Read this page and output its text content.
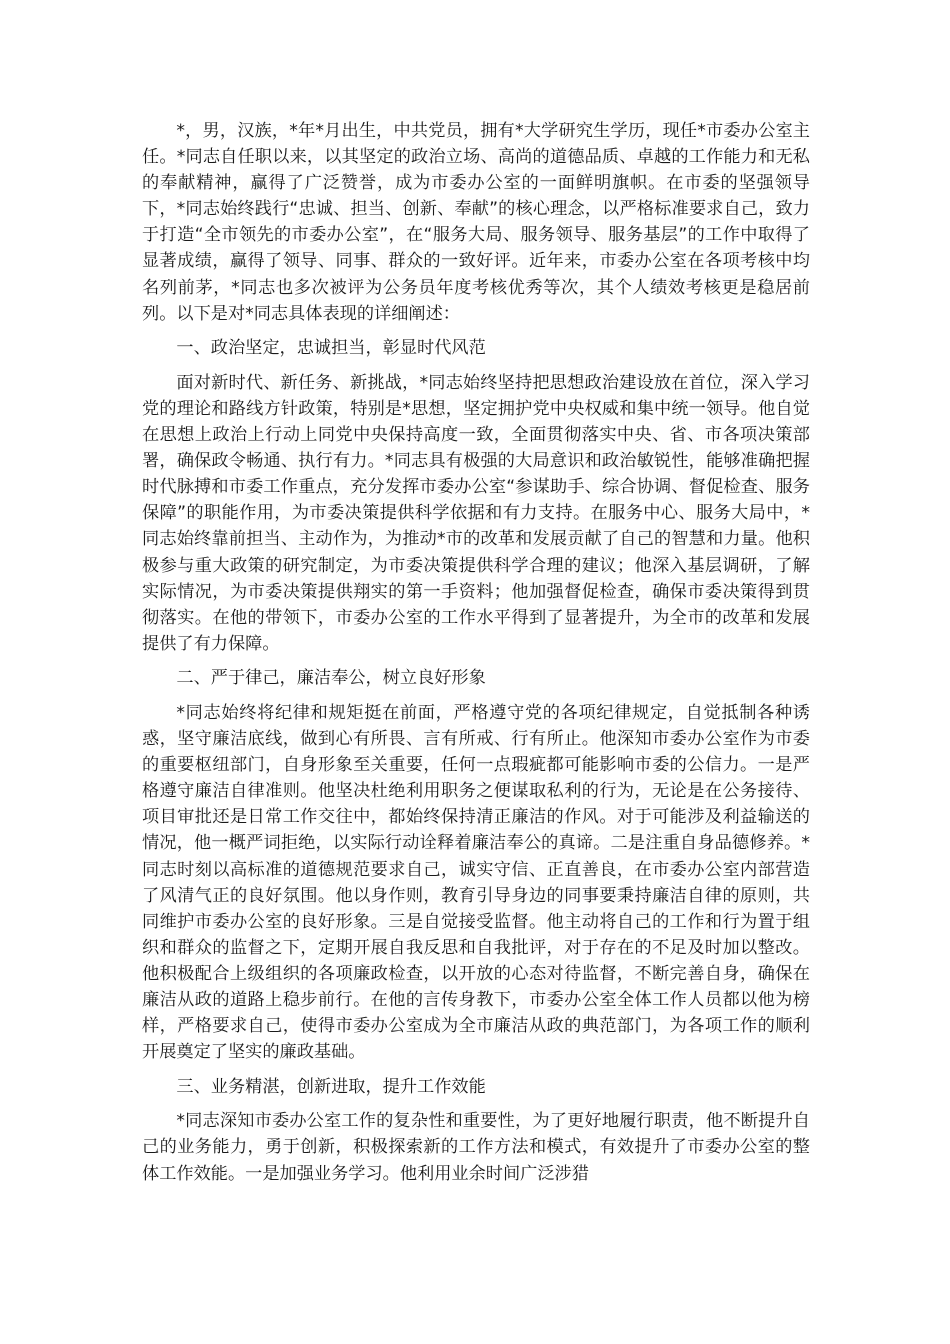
*，男，汉族，*年*月出生，中共党员，拥有*大学研究生学历，现任*市委办公室主任。*同志自任职以来，以其坚定的政治立场、高尚的道德品质、卓越的工作能力和无私的奉献精神，赢得了广泛赞誉，成为市委办公室的一面鲜明旗帜。在市委的坚强领导下，*同志始终践行“忠诚、担当、创新、奉献”的核心理念，以严格标准要求自己，致力于打造“全市领先的市委办公室”，在“服务大局、服务领导、服务基层”的工作中取得了显著成绩，赢得了领导、同事、群众的一致好评。近年来，市委办公室在各项考核中均名列前茅，*同志也多次被评为公务员年度考核优秀等次，其个人绩效考核更是稳居前列。以下是对*同志具体表现的详细阐述：

一、政治坚定，忠诚担当，彰显时代风范

面对新时代、新任务、新挑战，*同志始终坚持把思想政治建设放在首位，深入学习党的理论和路线方针政策，特别是*思想，坚定拥护党中央权威和集中统一领导。他自觉在思想上政治上行动上同党中央保持高度一致，全面贯彻落实中央、省、市各项决策部署，确保政令畅通、执行有力。*同志具有极强的大局意识和政治敏锐性，能够准确把握时代脉搏和市委工作重点，充分发挥市委办公室“参谋助手、综合协调、督促检查、服务保障”的职能作用，为市委决策提供科学依据和有力支持。在服务中心、服务大局中，*同志始终靠前担当、主动作为，为推动*市的改革和发展贡献了自己的智慧和力量。他积极参与重大政策的研究制定，为市委决策提供科学合理的建议；他深入基层调研，了解实际情况，为市委决策提供翔实的第一手资料；他加强督促检查，确保市委决策得到贯彻落实。在他的带领下，市委办公室的工作水平得到了显著提升，为全市的改革和发展提供了有力保障。

二、严于律己，廉洁奉公，树立良好形象

*同志始终将纪律和规矩挺在前面，严格遵守党的各项纪律规定，自觉抵制各种诱惑，坚守廉洁底线，做到心有所畏、言有所戒、行有所止。他深知市委办公室作为市委的重要枢纽部门，自身形象至关重要，任何一点瑕疵都可能影响市委的公信力。一是严格遵守廉洁自律准则。他坚决杜绝利用职务之便谋取私利的行为，无论是在公务接待、项目审批还是日常工作交往中，都始终保持清正廉洁的作风。对于可能涉及利益输送的情况，他一概严词拒绝，以实际行动诠释着廉洁奉公的真谛。二是注重自身品德修养。*同志时刻以高标准的道德规范要求自己，诚实守信、正直善良，在市委办公室内部营造了风清气正的良好氛围。他以身作则，教育引导身边的同事要秉持廉洁自律的原则，共同维护市委办公室的良好形象。三是自觉接受监督。他主动将自己的工作和行为置于组织和群众的监督之下，定期开展自我反思和自我批评，对于存在的不足及时加以整改。他积极配合上级组织的各项廉政检查，以开放的心态对待监督，不断完善自身，确保在廉洁从政的道路上稳步前行。在他的言传身教下，市委办公室全体工作人员都以他为榜样，严格要求自己，使得市委办公室成为全市廉洁从政的典范部门，为各项工作的顺利开展奠定了坚实的廉政基础。

三、业务精湛，创新进取，提升工作效能

*同志深知市委办公室工作的复杂性和重要性，为了更好地履行职责，他不断提升自己的业务能力，勇于创新，积极探索新的工作方法和模式，有效提升了市委办公室的整体工作效能。一是加强业务学习。他利用业余时间广泛涉猎
